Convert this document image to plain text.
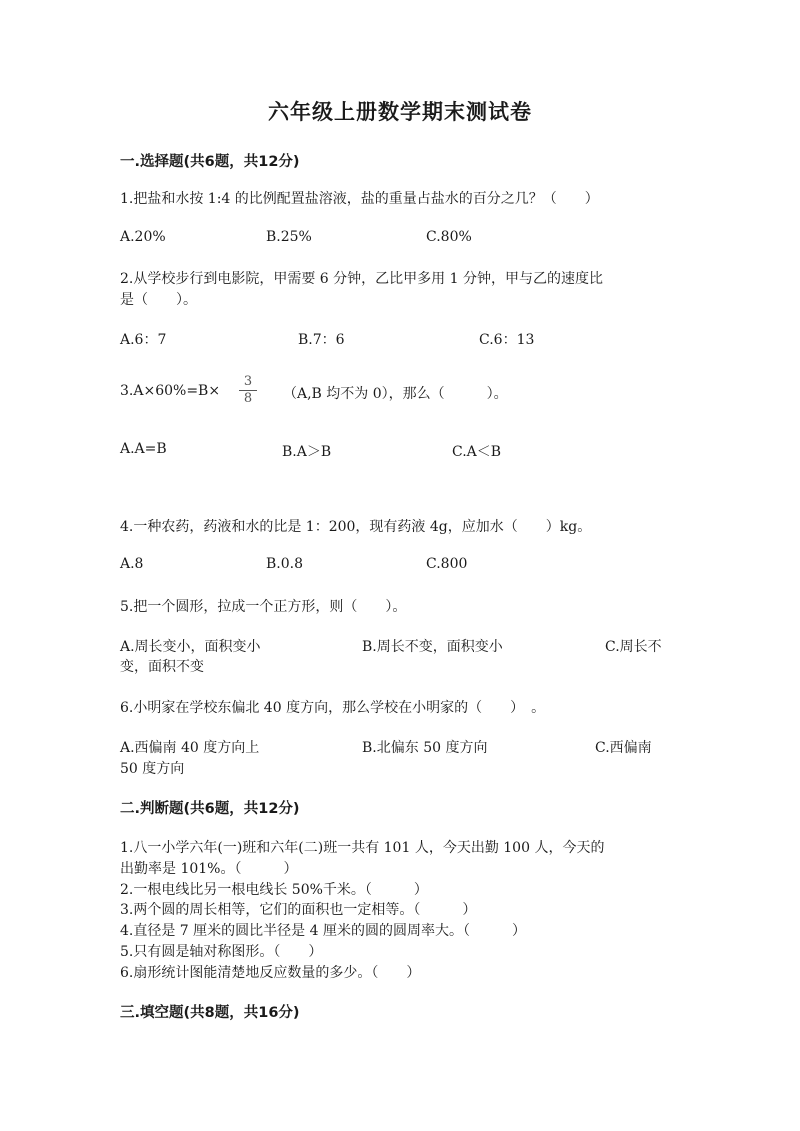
六年级上册数学期末测试卷
一.选择题(共6题，共12分)
1.把盐和水按 1:4 的比例配置盐溶液，盐的重量占盐水的百分之几？（　　）
A.20%	B.25%	C.80%
2.从学校步行到电影院，甲需要 6 分钟，乙比甲多用 1 分钟，甲与乙的速度比
是（　　）。
A.6：7	B.7：6	C.6：13
3.A×60%=B×
3
8	（A,B 均不为 0），那么（　　　）。
A.A=B	B.A＞B	C.A＜B
4.一种农药，药液和水的比是 1：200，现有药液 4g，应加水（　　）kg。
A.8	B.0.8	C.800
5.把一个圆形，拉成一个正方形，则（　　）。
A.周长变小，面积变小	B.周长不变，面积变小	C.周长不
变，面积不变
6.小明家在学校东偏北 40 度方向，那么学校在小明家的（　　）　。
A.西偏南 40 度方向上	B.北偏东 50 度方向	C.西偏南
50 度方向
二.判断题(共6题，共12分)
1.八一小学六年(一)班和六年(二)班一共有 101 人，今天出勤 100 人，今天的
出勤率是 101%。（　　　）
2.一根电线比另一根电线长 50%千米。（　　　）
3.两个圆的周长相等，它们的面积也一定相等。（　　　）
4.直径是 7 厘米的圆比半径是 4 厘米的圆的圆周率大。（　　　）
5.只有圆是轴对称图形。（　　）
6.扇形统计图能清楚地反应数量的多少。（　　）
三.填空题(共8题，共16分)
